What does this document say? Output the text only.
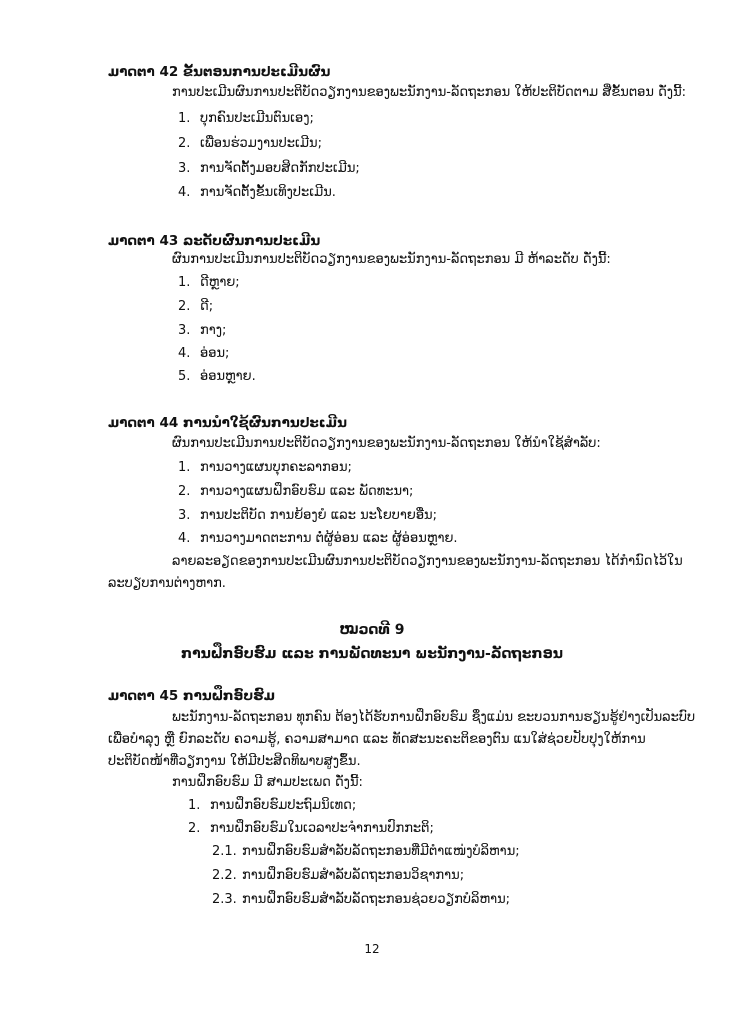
ມາດຕາ 42 ຂັ້ນຕອນການປະເມີນຜົນ
ການປະເມີນຜົນການປະຕິບັດວຽກງານຂອງພະນັກງານ-ລັດຖະກອນ ໃຫ້ປະຕິບັດຕາມ ສີ່ຂັ້ນຕອນ ດັ່ງນີ້:
1. ບຸກຄົນປະເມີນຕົນເອງ;
2. ເພື່ອນຮ່ວມງານປະເມີນ;
3. ການຈັດຕັ້ງມອບສິດກັກປະເມີນ;
4. ການຈັດຕັ້ງຂັ້ນເທິງປະເມີນ.
ມາດຕາ 43 ລະດັບຜົນການປະເມີນ
ຜົນການປະເມີນການປະຕິບັດວຽກງານຂອງພະນັກງານ-ລັດຖະກອນ ມີ ຫ້າລະດັບ ດັ່ງນີ້:
1. ດີຫຼາຍ;
2. ດີ;
3. ກາງ;
4. ອ່ອນ;
5. ອ່ອນຫຼາຍ.
ມາດຕາ 44 ການນຳໃຊ້ຜົນການປະເມີນ
ຜົນການປະເມີນການປະຕິບັດວຽກງານຂອງພະນັກງານ-ລັດຖະກອນ ໃຫ້ນຳໃຊ້ສຳລັບ:
1. ການວາງແຜນບຸກຄະລາກອນ;
2. ການວາງແຜນຝຶກອົບຮົມ ແລະ ພັດທະນາ;
3. ການປະຕິບັດ ການຍ້ອງຍໍ ແລະ ນະໂຍບາຍອື່ນ;
4. ການວາງມາດຕະການ ຕໍ່ຜູ້ອ່ອນ ແລະ ຜູ້ອ່ອນຫຼາຍ.
ລາຍລະອຽດຂອງການປະເມີນຜົນການປະຕິບັດວຽກງານຂອງພະນັກງານ-ລັດຖະກອນ ໄດ້ກຳນົດໄວ້ໃນ
ລະບຽບການຕ່າງຫາກ.
ໝວດທີ 9
ການຝຶກອົບຮົມ ແລະ ການພັດທະນາ ພະນັກງານ-ລັດຖະກອນ
ມາດຕາ 45 ການຝຶກອົບຮົມ
ພະນັກງານ-ລັດຖະກອນ ທຸກຄົນ ຕ້ອງໄດ້ຮັບການຝຶກອົບຮົມ ຊຶ່ງແມ່ນ ຂະບວນການຮຽນຮູ້ຢ່າງເປັນລະບົບ
ເພື່ອບຳລຸງ ຫຼື ຍົກລະດັບ ຄວາມຮູ້, ຄວາມສາມາດ ແລະ ທັດສະນະຄະຕິຂອງຕົນ ແນໃສ່ຊ່ວຍປັບປຸງໃຫ້ການ
ປະຕິບັດໜ້າທີ່ວຽກງານ ໃຫ້ມີປະສິດທິພາບສູງຂຶ້ນ.
ການຝຶກອົບຮົມ ມີ ສາມປະເພດ ດັ່ງນີ້:
1. ການຝຶກອົບຮົມປະຖົມນິເທດ;
2. ການຝຶກອົບຮົມໃນເວລາປະຈຳການປົກກະຕິ;
2.1. ການຝຶກອົບຮົມສຳລັບລັດຖະກອນທີ່ມີຕຳແໜ່ງບໍລິຫານ;
2.2. ການຝຶກອົບຮົມສຳລັບລັດຖະກອນວິຊາການ;
2.3. ການຝຶກອົບຮົມສຳລັບລັດຖະກອນຊ່ວຍວຽກບໍລິຫານ;
12
